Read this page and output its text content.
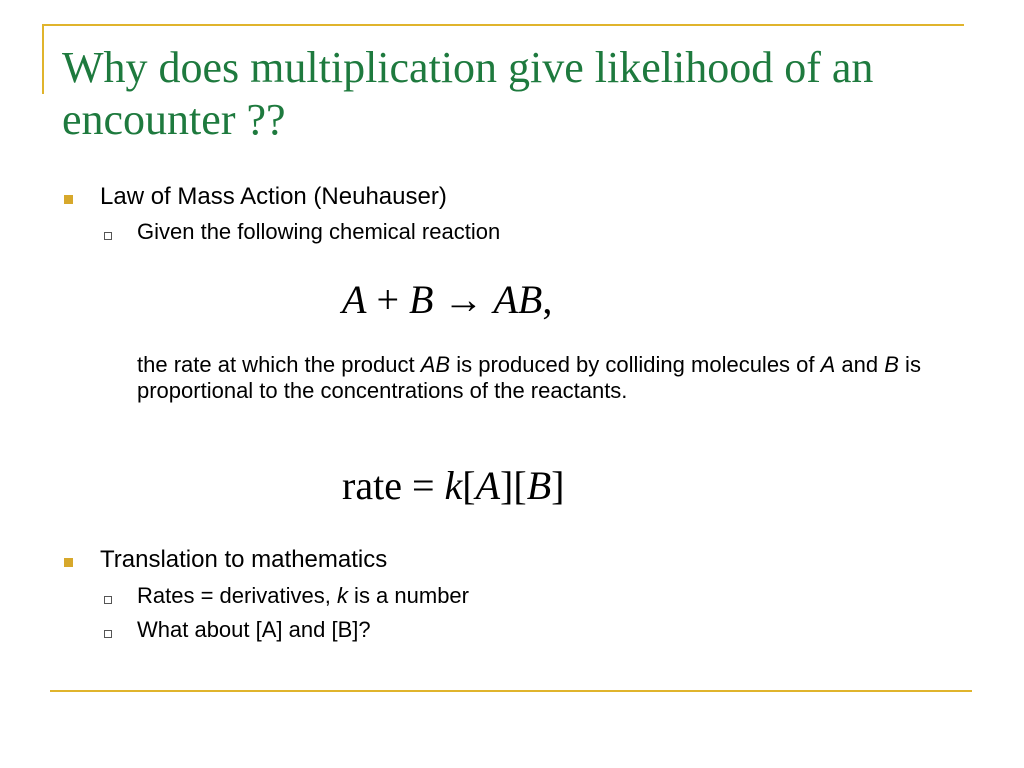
Why does multiplication give likelihood of an encounter ??
Law of Mass Action (Neuhauser)
Given the following chemical reaction
A + B → AB,
the rate at which the product AB is produced by colliding molecules of A and B is proportional to the concentrations of the reactants.
rate = k[A][B]
Translation to mathematics
Rates = derivatives, k is a number
What about [A] and [B]?
